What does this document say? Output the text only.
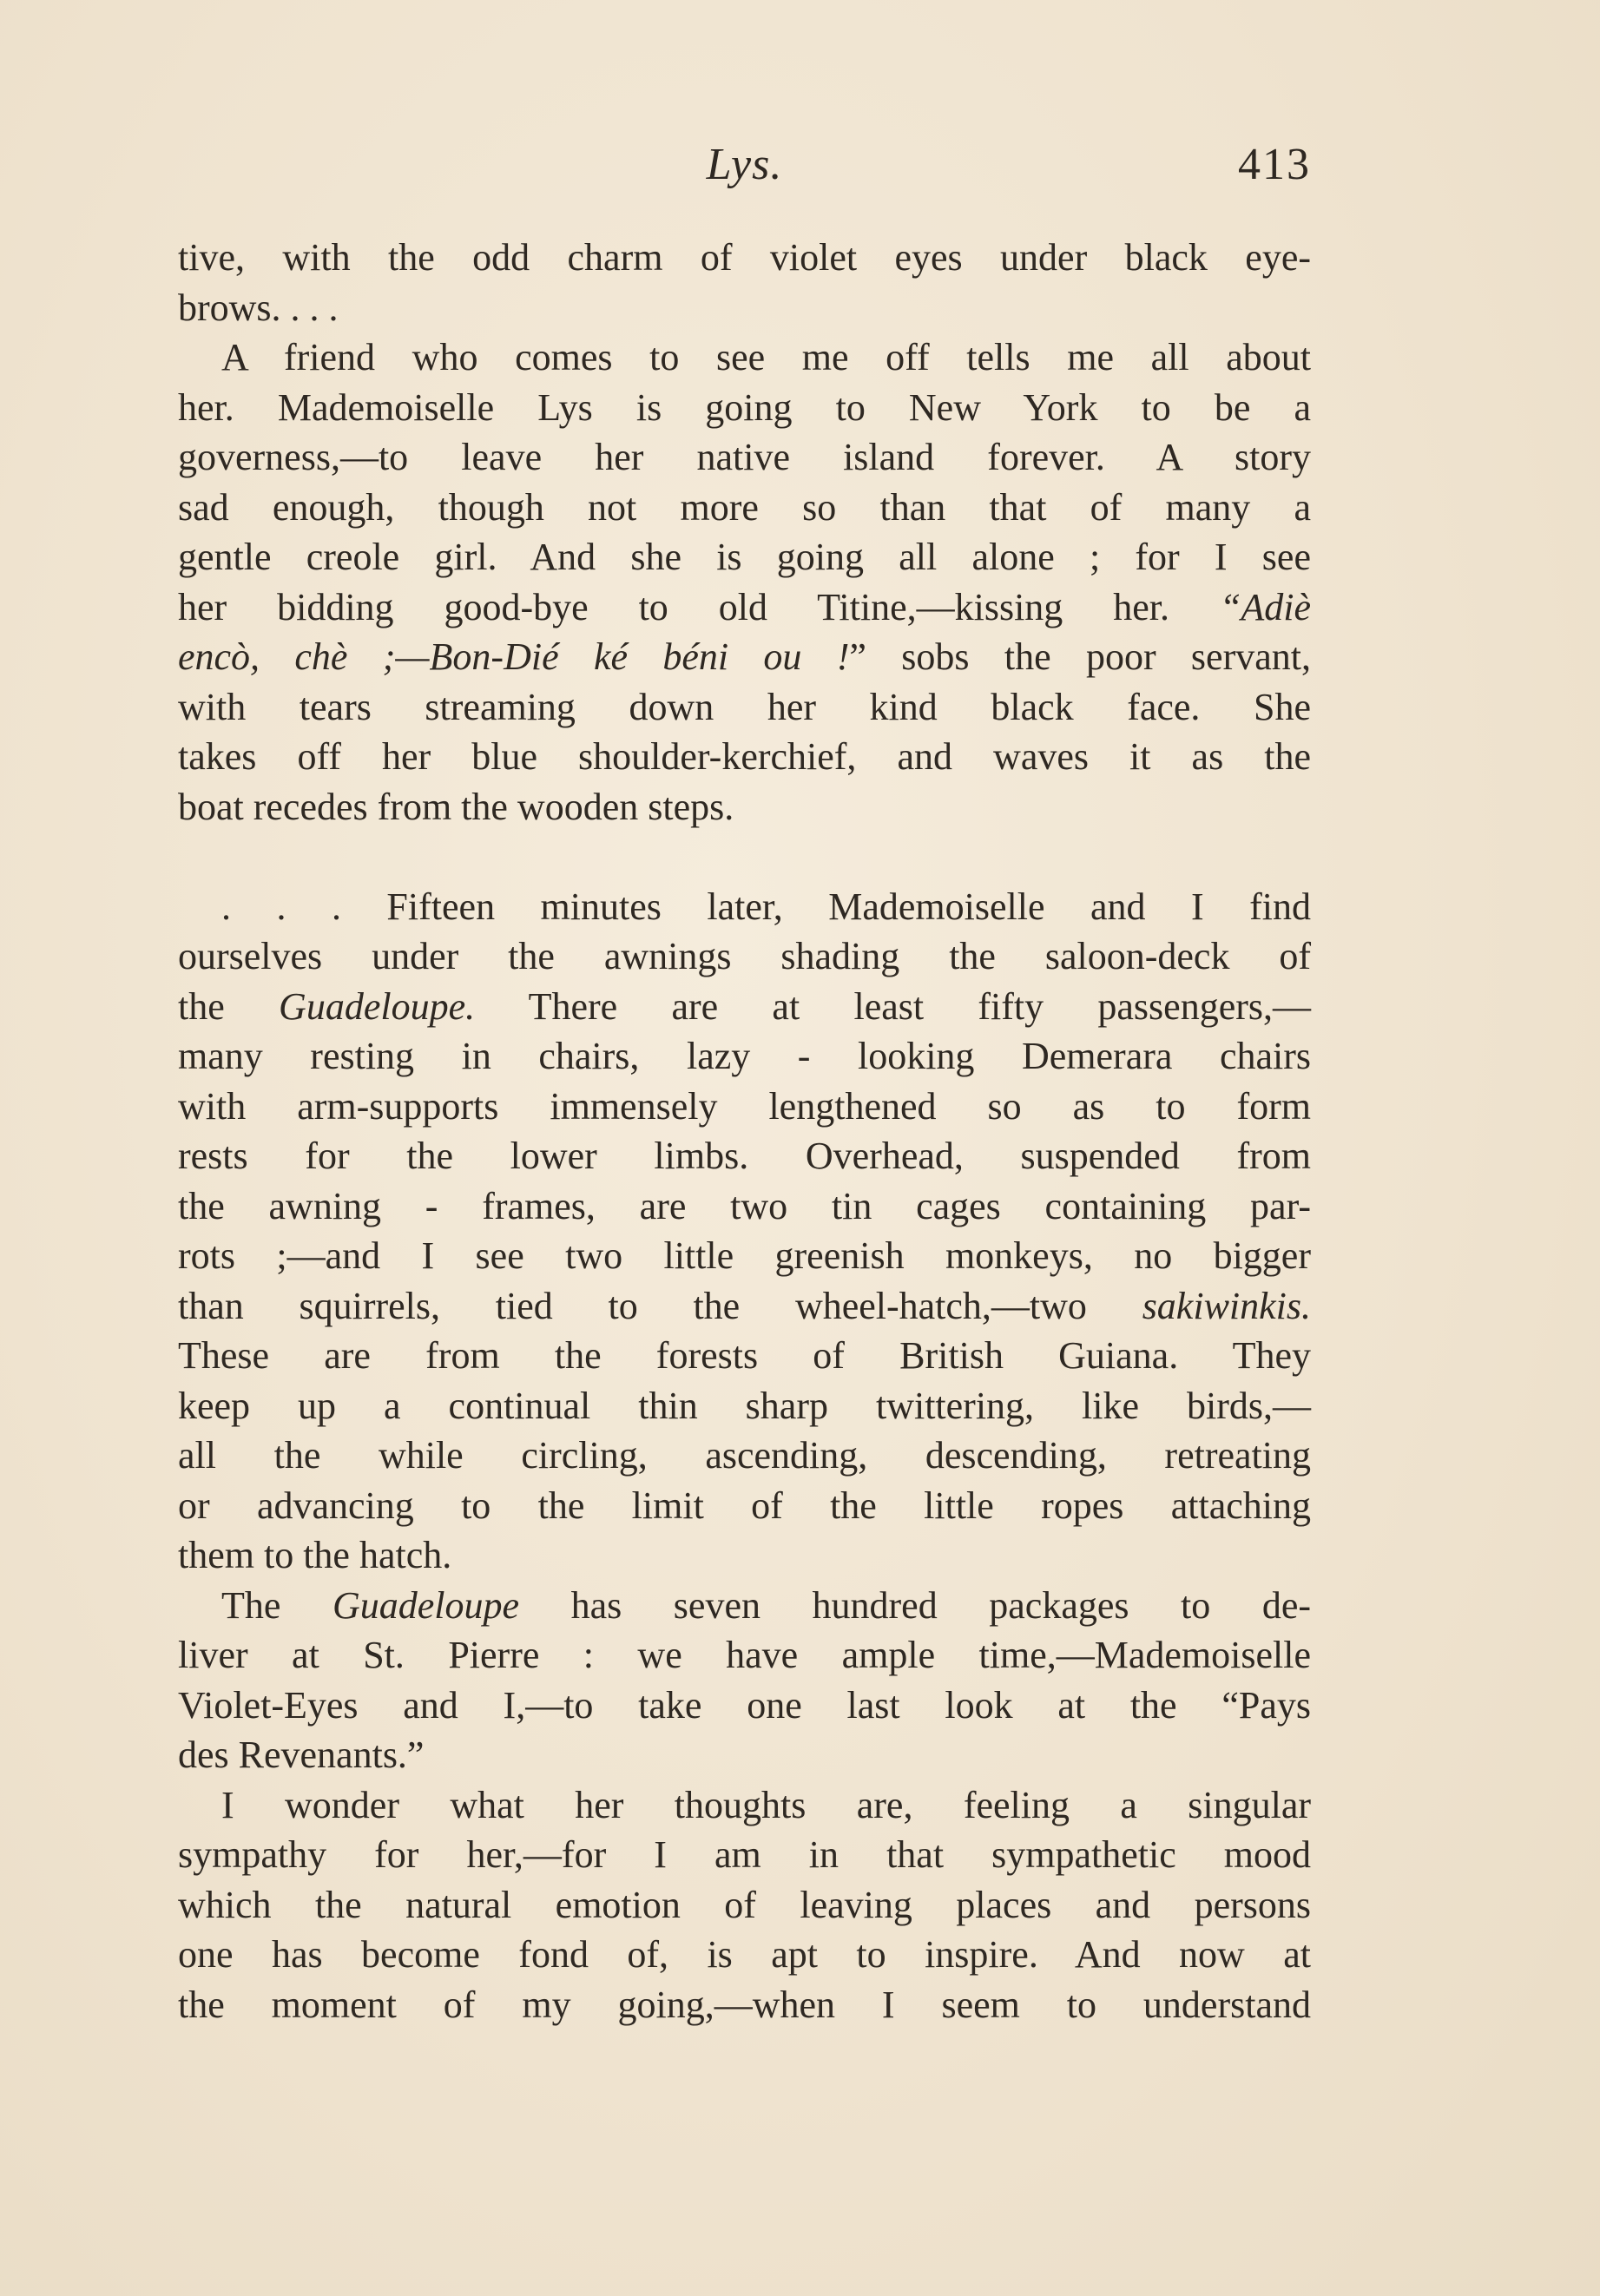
Lys.	413
tive, with the odd charm of violet eyes under black eye-
brows. . . .
A friend who comes to see me off tells me all about
her. Mademoiselle Lys is going to New York to be a
governess,—to leave her native island forever. A story
sad enough, though not more so than that of many a
gentle creole girl. And she is going all alone ; for I see
her bidding good-bye to old Titine,—kissing her. “Adiè
encò, chè ;—Bon-Dié ké béni ou !” sobs the poor servant,
with tears streaming down her kind black face. She
takes off her blue shoulder-kerchief, and waves it as the
boat recedes from the wooden steps.
. . . Fifteen minutes later, Mademoiselle and I find
ourselves under the awnings shading the saloon-deck of
the Guadeloupe. There are at least fifty passengers,—
many resting in chairs, lazy - looking Demerara chairs
with arm-supports immensely lengthened so as to form
rests for the lower limbs. Overhead, suspended from
the awning - frames, are two tin cages containing par-
rots ;—and I see two little greenish monkeys, no bigger
than squirrels, tied to the wheel-hatch,—two sakiwinkis.
These are from the forests of British Guiana. They
keep up a continual thin sharp twittering, like birds,—
all the while circling, ascending, descending, retreating
or advancing to the limit of the little ropes attaching
them to the hatch.
The Guadeloupe has seven hundred packages to de-
liver at St. Pierre : we have ample time,—Mademoiselle
Violet-Eyes and I,—to take one last look at the “Pays
des Revenants.”
I wonder what her thoughts are, feeling a singular
sympathy for her,—for I am in that sympathetic mood
which the natural emotion of leaving places and persons
one has become fond of, is apt to inspire. And now at
the moment of my going,—when I seem to understand
